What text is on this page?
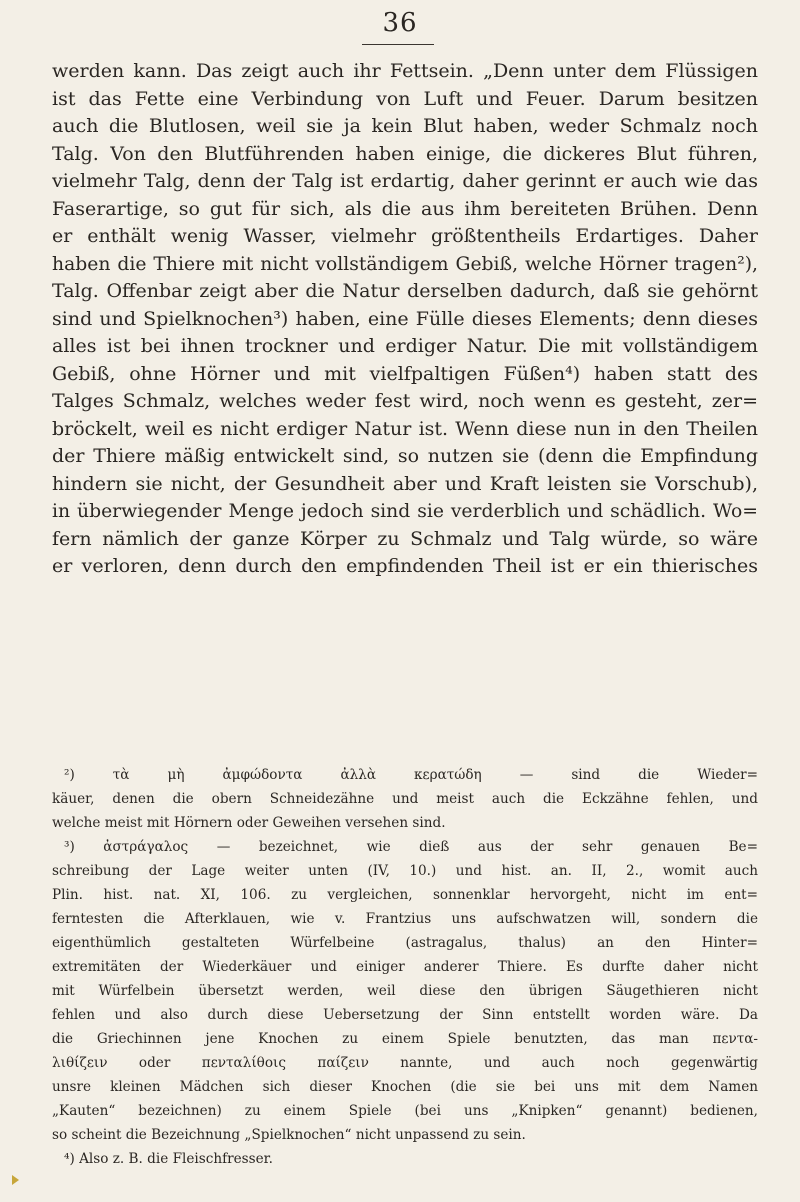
36
werden kann. Das zeigt auch ihr Fettsein. „Denn unter dem Flüssigen
ist das Fette eine Verbindung von Luft und Feuer. Darum besitzen
auch die Blutlosen, weil sie ja kein Blut haben, weder Schmalz noch
Talg. Von den Blutführenden haben einige, die dickeres Blut führen,
vielmehr Talg, denn der Talg ist erdartig, daher gerinnt er auch wie das
Faserartige, so gut für sich, als die aus ihm bereiteten Brühen. Denn
er enthält wenig Wasser, vielmehr größtentheils Erdartiges. Daher
haben die Thiere mit nicht vollständigem Gebiß, welche Hörner tragen²),
Talg. Offenbar zeigt aber die Natur derselben dadurch, daß sie gehörnt
sind und Spielknochen³) haben, eine Fülle dieses Elements; denn dieses
alles ist bei ihnen trockner und erdiger Natur. Die mit vollständigem
Gebiß, ohne Hörner und mit vielfpaltigen Füßen⁴) haben statt des
Talges Schmalz, welches weder fest wird, noch wenn es gesteht, zer=
bröckelt, weil es nicht erdiger Natur ist. Wenn diese nun in den Theilen
der Thiere mäßig entwickelt sind, so nutzen sie (denn die Empfindung
hindern sie nicht, der Gesundheit aber und Kraft leisten sie Vorschub),
in überwiegender Menge jedoch sind sie verderblich und schädlich. Wo=
fern nämlich der ganze Körper zu Schmalz und Talg würde, so wäre
er verloren, denn durch den empfindenden Theil ist er ein thierisches
²) τὰ μὴ ἀμφώδοντα ἀλλὰ κερατώδη — sind die Wieder=
käuer, denen die obern Schneidezähne und meist auch die Eckzähne fehlen, und
welche meist mit Hörnern oder Geweihen versehen sind.
³) ἀστράγαλος — bezeichnet, wie dieß aus der sehr genauen Be=
schreibung der Lage weiter unten (IV, 10.) und hist. an. II, 2., womit auch
Plin. hist. nat. XI, 106. zu vergleichen, sonnenklar hervorgeht, nicht im ent=
ferntesten die Afterklauen, wie v. Frantzius uns aufschwatzen will, sondern die
eigenthümlich gestalteten Würfelbeine (astragalus, thalus) an den Hinter=
extremitäten der Wiederkäuer und einiger anderer Thiere. Es durfte daher nicht
mit Würfelbein übersetzt werden, weil diese den übrigen Säugethieren nicht
fehlen und also durch diese Uebersetzung der Sinn entstellt worden wäre. Da
die Griechinnen jene Knochen zu einem Spiele benutzten, das man πεντα-
λιθίζειν oder πενταλίθοις παίζειν nannte, und auch noch gegenwärtig
unsre kleinen Mädchen sich dieser Knochen (die sie bei uns mit dem Namen
„Kauten“ bezeichnen) zu einem Spiele (bei uns „Knipken“ genannt) bedienen,
so scheint die Bezeichnung „Spielknochen“ nicht unpassend zu sein.
⁴) Also z. B. die Fleischfresser.
